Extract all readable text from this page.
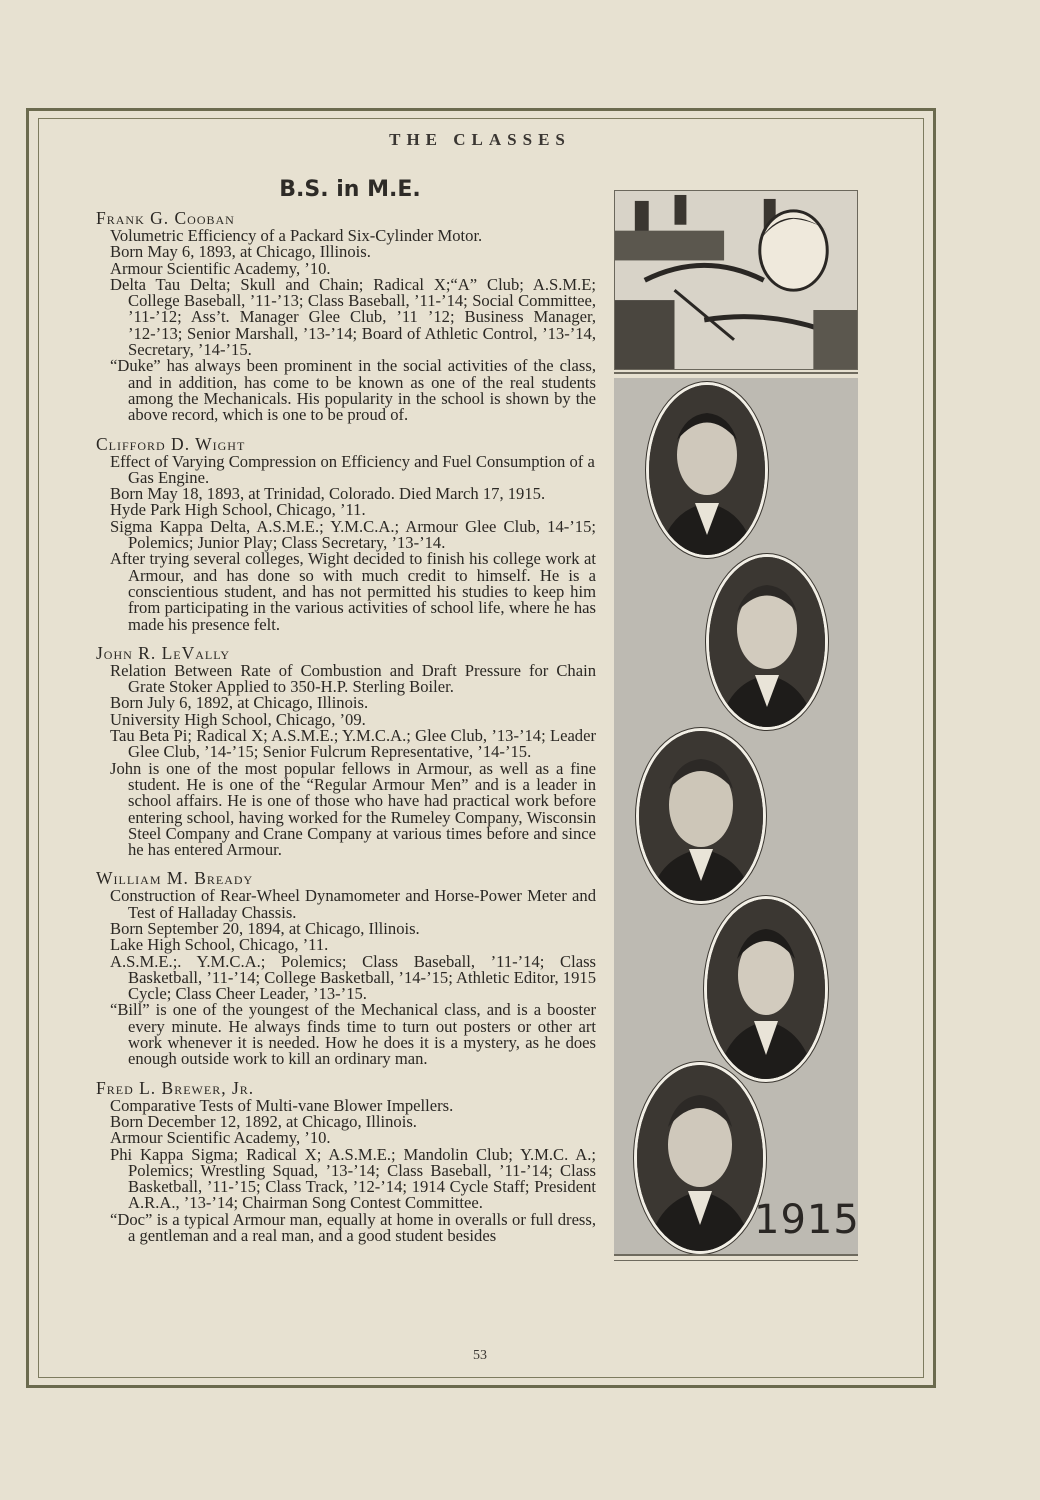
THE CLASSES
B.S. in M.E.
Frank G. Cooban
Volumetric Efficiency of a Packard Six-Cylinder Motor.
Born May 6, 1893, at Chicago, Illinois.
Armour Scientific Academy, ’10.
Delta Tau Delta; Skull and Chain; Radical X;“A” Club; A.S.M.E; College Baseball, ’11-’13; Class Baseball, ’11-’14; Social Committee, ’11-’12; Ass’t. Manager Glee Club, ’11 ’12; Business Manager, ’12-’13; Senior Marshall, ’13-’14; Board of Athletic Control, ’13-’14, Secretary, ’14-’15.
“Duke” has always been prominent in the social activities of the class, and in addition, has come to be known as one of the real students among the Mechanicals. His popularity in the school is shown by the above record, which is one to be proud of.
Clifford D. Wight
Effect of Varying Compression on Efficiency and Fuel Consumption of a Gas Engine.
Born May 18, 1893, at Trinidad, Colorado. Died March 17, 1915.
Hyde Park High School, Chicago, ’11.
Sigma Kappa Delta, A.S.M.E.; Y.M.C.A.; Armour Glee Club, 14-’15; Polemics; Junior Play; Class Secretary, ’13-’14.
After trying several colleges, Wight decided to finish his college work at Armour, and has done so with much credit to himself. He is a conscientious student, and has not permitted his studies to keep him from participating in the various activities of school life, where he has made his presence felt.
John R. LeVally
Relation Between Rate of Combustion and Draft Pressure for Chain Grate Stoker Applied to 350-H.P. Sterling Boiler.
Born July 6, 1892, at Chicago, Illinois.
University High School, Chicago, ’09.
Tau Beta Pi; Radical X; A.S.M.E.; Y.M.C.A.; Glee Club, ’13-’14; Leader Glee Club, ’14-’15; Senior Fulcrum Representative, ’14-’15.
John is one of the most popular fellows in Armour, as well as a fine student. He is one of the “Regular Armour Men” and is a leader in school affairs. He is one of those who have had practical work before entering school, having worked for the Rumeley Company, Wisconsin Steel Company and Crane Company at various times before and since he has entered Armour.
William M. Bready
Construction of Rear-Wheel Dynamometer and Horse-Power Meter and Test of Halladay Chassis.
Born September 20, 1894, at Chicago, Illinois.
Lake High School, Chicago, ’11.
A.S.M.E.;. Y.M.C.A.; Polemics; Class Baseball, ’11-’14; Class Basketball, ’11-’14; College Basketball, ’14-’15; Athletic Editor, 1915 Cycle; Class Cheer Leader, ’13-’15.
“Bill” is one of the youngest of the Mechanical class, and is a booster every minute. He always finds time to turn out posters or other art work whenever it is needed. How he does it is a mystery, as he does enough outside work to kill an ordinary man.
Fred L. Brewer, Jr.
Comparative Tests of Multi-vane Blower Impellers.
Born December 12, 1892, at Chicago, Illinois.
Armour Scientific Academy, ’10.
Phi Kappa Sigma; Radical X; A.S.M.E.; Mandolin Club; Y.M.C. A.; Polemics; Wrestling Squad, ’13-’14; Class Baseball, ’11-’14; Class Basketball, ’11-’15; Class Track, ’12-’14; 1914 Cycle Staff; President A.R.A., ’13-’14; Chairman Song Contest Committee.
“Doc” is a typical Armour man, equally at home in overalls or full dress, a gentleman and a real man, and a good student besides	1915
53
